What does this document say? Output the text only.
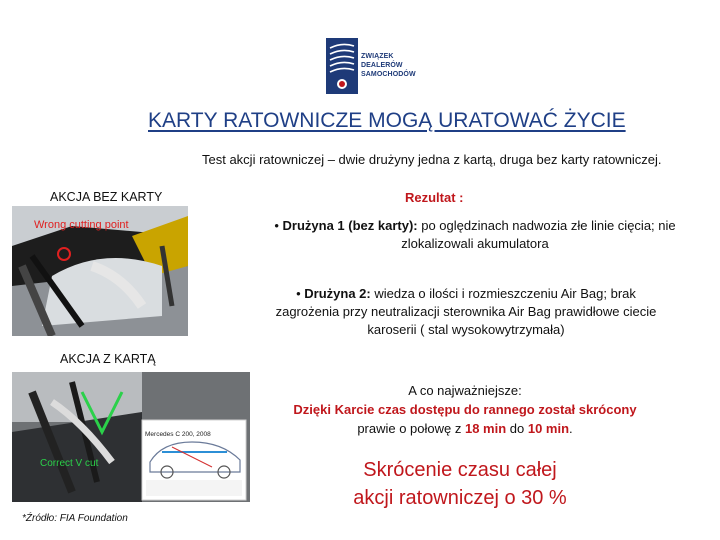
ZWIĄZEK
DEALERÓW
SAMOCHODÓW
KARTY RATOWNICZE MOGĄ URATOWAĆ ŻYCIE
Test akcji ratowniczej – dwie drużyny jedna z kartą, druga bez karty ratowniczej.
AKCJA BEZ KARTY
AKCJA Z KARTĄ
Wrong cutting point
Mercedes C 200, 2008
Correct V cut
*Źródło: FIA Foundation
Rezultat :
• Drużyna 1 (bez karty): po oględzinach nadwozia złe linie cięcia; nie zlokalizowali akumulatora
• Drużyna 2: wiedza o ilości i rozmieszczeniu Air Bag; brak zagrożenia przy neutralizacji sterownika Air Bag prawidłowe ciecie karoserii ( stal wysokowytrzymała)
A co najważniejsze:
Dzięki Karcie czas dostępu do rannego został skrócony
prawie o połowę z 18 min do 10 min.
Skrócenie czasu całej
akcji ratowniczej o 30 %
